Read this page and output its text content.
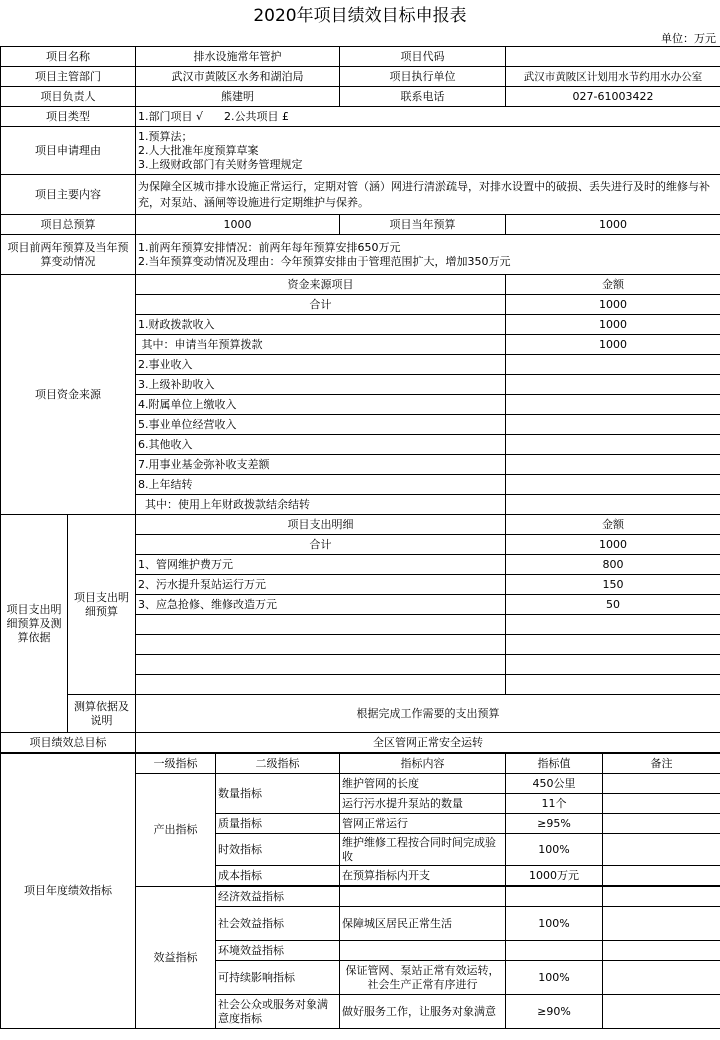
2020年项目绩效目标申报表
单位：万元
项目名称		排水设施常年管护	项目代码	
项目主管部门		武汉市黄陂区水务和湖泊局	项目执行单位	武汉市黄陂区计划用水节约用水办公室
项目负责人		熊建明	联系电话	027-61003422
项目类型		1.部门项目 √      2.公共项目 £		
项目申请理由		1.预算法；
2.人大批准年度预算草案
3.上级财政部门有关财务管理规定		

项目主要内容		为保障全区城市排水设施正常运行，定期对管（涵）网进行清淤疏导，对排水设置中的破损、丢失进行及时的维修与补充，对泵站、涵闸等设施进行定期维护与保养。		
项目总预算		1000	项目当年预算	1000
项目前两年预算及当年预算变动情况		1.前两年预算安排情况：前两年每年预算安排650万元
2.当年预算变动情况及理由：今年预算安排由于管理范围扩大，增加350万元		

项目资金来源		资金来源项目		金额
		合计		1000
		1.财政拨款收入		1000
		其中：申请当年预算拨款		1000
		2.事业收入		
		3.上级补助收入		
		4.附属单位上缴收入		
		5.事业单位经营收入		
		6.其他收入		
		7.用事业基金弥补收支差额		
		8.上年结转		
		其中：使用上年财政拨款结余结转		
项目支出明细预算及测算依据	项目支出明细预算	项目支出明细		金额
		合计		1000
		1、管网维护费万元		800
		2、污水提升泵站运行万元		150
		3、应急抢修、维修改造万元		50

	测算依据及说明	根据完成工作需要的支出预算		
项目绩效总目标		全区管网正常安全运转		
项目年度绩效指标	一级指标	二级指标	指标内容	指标值	备注
	产出指标	数量指标	维护管网的长度	450公里	
			运行污水提升泵站的数量	11个	
		质量指标	管网正常运行	≥95%	
		时效指标	维护维修工程按合同时间完成验收	100%	
		成本指标	在预算指标内开支	1000万元	

	效益指标	经济效益指标			
		社会效益指标	保障城区居民正常生活	100%	
		环境效益指标			
		可持续影响指标	保证管网、泵站正常有效运转，社会生产正常有序进行	100%	
		社会公众或服务对象满意度指标	做好服务工作，让服务对象满意	≥90%	
